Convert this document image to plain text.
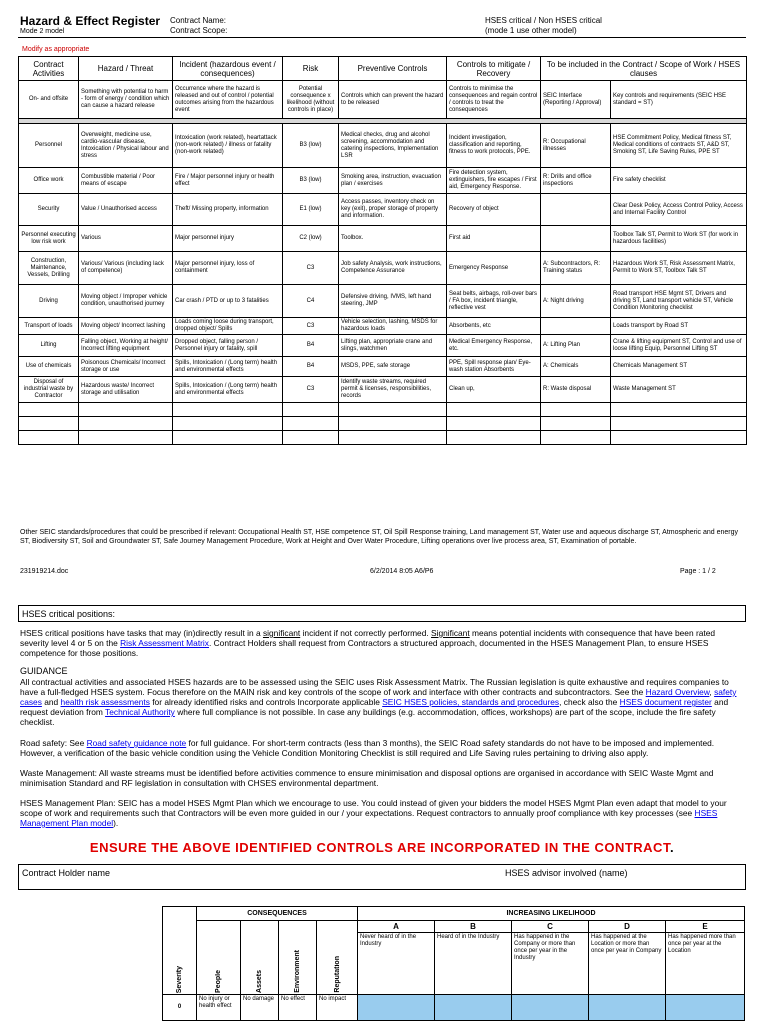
Hazard & Effect Register
Mode 2 model
Contract Name:
Contract Scope:
HSES critical / Non HSES critical
(mode 1 use other model)
Modify as appropriate
Contract Activities	Hazard / Threat	Incident (hazardous event / consequences)	Risk	Preventive Controls	Controls to mitigate / Recovery	To be included in the Contract / Scope of Work / HSES clauses	
On- and offsite	Something with potential to harm - form of energy / condition which can cause a hazard release	Occurrence where the hazard is released and out of control / potential outcomes arising from the hazardous event	Potential consequence x likelihood (without controls in place)	Controls which can prevent the hazard to be released	Controls to minimise the consequences and regain control / controls to treat the consequences	SEIC Interface (Reporting / Approval)	Key controls and requirements (SEIC HSE standard = ST)

Personnel	Overweight, medicine use, cardio-vascular disease, Intoxication / Physical labour and stress	Intoxication (work related), heartattack (non-work related) / illness or fatality (non-work related)	B3 (low)	Medical checks, drug and alcohol screening, accommodation and catering inspections, Implementation LSR	Incident investigation, classification and reporting, fitness to work protocols, PPE.	R: Occupational illnesses	HSE Commitment Policy, Medical fitness ST, Medical conditions of contracts ST, A&D ST, Smoking ST, Life Saving Rules, PPE ST
Office work	Combustible material / Poor means of escape	Fire / Major personnel injury or health effect	B3 (low)	Smoking area, instruction, evacuation plan / exercises	Fire detection system, extinguishers, fire escapes / First aid, Emergency Response.	R: Drills and office inspections	Fire safety checklist
Security	Value / Unauthorised access	Theft/ Missing property, information	E1 (low)	Access passes, inventory check on key (exit), proper storage of property and information.	Recovery of object		Clear Desk Policy, Access Control Policy, Access and Internal Facility Control
Personnel executing low risk work	Various	Major personnel injury	C2 (low)	Toolbox.	First aid		Toolbox Talk ST, Permit to Work ST (for work in hazardous facilities)
Construction, Maintenance, Vessels, Drilling	Various/ Various (including lack of competence)	Major personnel injury, loss of containment	C3	Job safety Analysis, work instructions, Competence Assurance	Emergency Response	A: Subcontractors, R: Training status	Hazardous Work ST, Risk Assessment Matrix, Permit to Work ST, Toolbox Talk ST
Driving	Moving object / Improper vehicle condition, unauthorised journey	Car crash / PTD or up to 3 fatalities	C4	Defensive driving, IVMS, left hand steering, JMP	Seat belts, airbags, roll-over bars / FA box, incident triangle, reflective vest	A: Night driving	Road transport HSE Mgmt ST, Drivers and driving ST, Land transport vehicle ST, Vehicle Condition Monitoring checklist
Transport of loads	Moving object/ Incorrect lashing	Loads coming loose during transport, dropped object/ Spills	C3	Vehicle selection, lashing, MSDS for hazardous loads	Absorbents, etc		Loads transport by Road ST
Lifting	Falling object, Working at height/ Incorrect lifting equipment	Dropped object, falling person / Personnel injury or fatality, spill	B4	Lifting plan, appropriate crane and slings, watchmen	Medical Emergency Response, etc.	A: Lifting Plan	Crane & lifting equipment ST, Control and use of loose lifting Equip, Personnel Lifting ST
Use of chemicals	Poisonous Chemicals/ Incorrect storage or use	Spills, Intoxication / (Long term) health and environmental effects	B4	MSDS, PPE, safe storage	PPE, Spill response plan/ Eye-wash station Absorbents	A: Chemicals	Chemicals Management ST
Disposal of industrial waste by Contractor	Hazardous waste/ Incorrect storage and utilisation	Spills, Intoxication / (Long term) health and environmental effects	C3	Identify waste streams, required permit & licenses, responsibilities, records	Clean up,	R: Waste disposal	Waste Management ST

Other SEIC standards/procedures that could be prescribed if relevant: Occupational Health ST, HSE competence ST, Oil Spill Response training, Land management ST, Water use and aqueous discharge ST, Atmospheric and energy ST, Biodiversity ST, Soil and Groundwater ST, Safe Journey Management Procedure, Work at Height and Over Water Procedure, Lifting operations over live process area, ST, Examination of portable.
231919214.doc	6/2/2014 8:05 A6/P6	Page : 1 / 2
HSES critical positions:
HSES critical positions have tasks that may (in)directly result in a significant incident if not correctly performed. Significant means potential incidents with consequence that have been rated severity level 4 or 5 on the Risk Assessment Matrix. Contract Holders shall request from Contractors a structured approach, documented in the HSES Management Plan, to ensure HSES competence for those positions.
GUIDANCE
All contractual activities and associated HSES hazards are to be assessed using the SEIC uses Risk Assessment Matrix. The Russian legislation is quite exhaustive and requires companies to have a full-fledged HSES system. Focus therefore on the MAIN risk and key controls of the scope of work and interface with other contracts and subcontractors. See the Hazard Overview, safety cases and health risk assessments for already identified risks and controls Incorporate applicable SEIC HSES policies, standards and procedures, check also the HSES document register and request deviation from Technical Authority where full compliance is not possible. In case any buildings (e.g. accommodation, offices, workshops) are part of the scope, include the fire safety checklist.
Road safety: See Road safety guidance note for full guidance. For short-term contracts (less than 3 months), the SEIC Road safety standards do not have to be imposed and implemented. However, a verification of the basic vehicle condition using the Vehicle Condition Monitoring Checklist is still required and Life Saving rules pertaining to driving also apply.
Waste Management: All waste streams must be identified before activities commence to ensure minimisation and disposal options are organised in accordance with SEIC Waste Mgmt and minimisation Standard and RF legislation in consultation with CHSES environmental department.
HSES Management Plan: SEIC has a model HSES Mgmt Plan which we encourage to use. You could instead of given your bidders the model HSES Mgmt Plan even adapt that model to your scope of work and requirements such that Contractors will be even more guided in our / your expectations. Request contractors to annually proof compliance with key processes (see HSES Management Plan model).
ENSURE THE ABOVE IDENTIFIED CONTROLS ARE INCORPORATED IN THE CONTRACT.
Contract Holder name	HSES advisor involved (name)
Severity	CONSEQUENCES				INCREASING LIKELIHOOD				

	People	Assets	Environment	Reputation	A	B	C	D	E
					Never heard of in the Industry	Heard of in the Industry	Has happened in the Company or more than once per year in the Industry	Has happened at the Location or more than once per year in Company	Has happened more than once per year at the Location
0	No injury or health effect	No damage	No effect	No impact					
